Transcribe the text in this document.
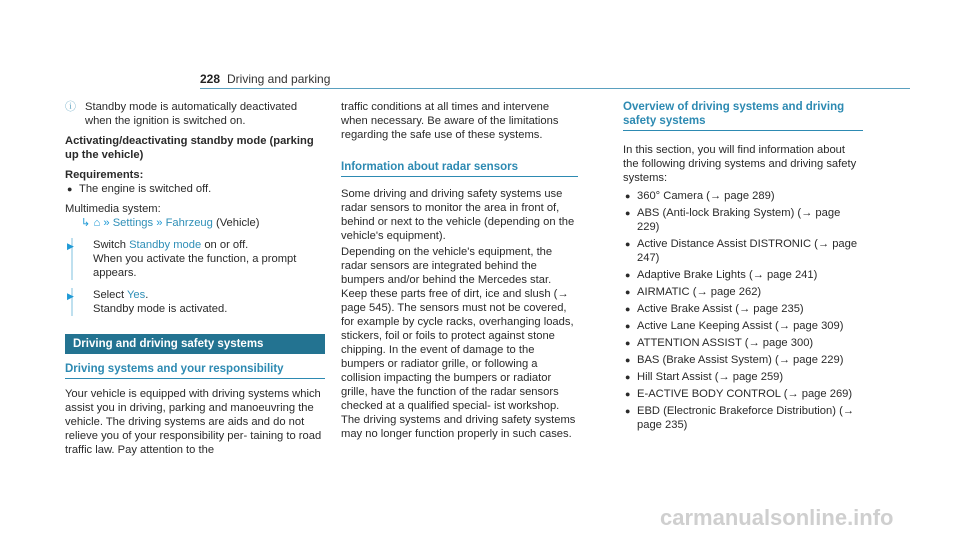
228 Driving and parking
ⓘ Standby mode is automatically deactivated when the ignition is switched on.

Activating/deactivating standby mode (parking up the vehicle)

Requirements:

● The engine is switched off.

Multimedia system:

↳ ⌂ » Settings » Fahrzeug (Vehicle)

▶	Switch Standby mode on or off.

When you activate the function, a prompt appears.

▶	Select Yes.

Standby mode is activated.

Driving and driving safety systems
Driving systems and your responsibility

Your vehicle is equipped with driving systems which assist you in driving, parking and manoeuvring the vehicle. The driving systems are aids and do not relieve you of your responsibility per- taining to road traffic law. Pay attention to the

traffic conditions at all times and intervene when necessary. Be aware of the limitations regarding the safe use of these systems.

Information about radar sensors

Some driving and driving safety systems use radar sensors to monitor the area in front of, behind or next to the vehicle (depending on the vehicle's equipment).

Depending on the vehicle's equipment, the radar sensors are integrated behind the bumpers and/or behind the Mercedes star. Keep these parts free of dirt, ice and slush (→ page 545). The sensors must not be covered, for example by cycle racks, overhanging loads, stickers, foil or foils to protect against stone chipping. In the event of damage to the bumpers or radiator grille, or following a collision impacting the bumpers or radiator grille, have the function of the radar sensors checked at a qualified special- ist workshop. The driving systems and driving safety systems may no longer function properly in such cases.

Overview of driving systems and driving safety systems

In this section, you will find information about the following driving systems and driving safety systems:

● 360° Camera (→ page 289)
● ABS (Anti-lock Braking System) (→ page 229)
● Active Distance Assist DISTRONIC (→ page 247)
● Adaptive Brake Lights (→ page 241)
● AIRMATIC (→ page 262)
● Active Brake Assist (→ page 235)
● Active Lane Keeping Assist (→ page 309)
● ATTENTION ASSIST (→ page 300)
● BAS (Brake Assist System) (→ page 229)
● Hill Start Assist (→ page 259)
● E-ACTIVE BODY CONTROL (→ page 269)
● EBD (Electronic Brakeforce Distribution) (→ page 235)
carmanualsonline.info
